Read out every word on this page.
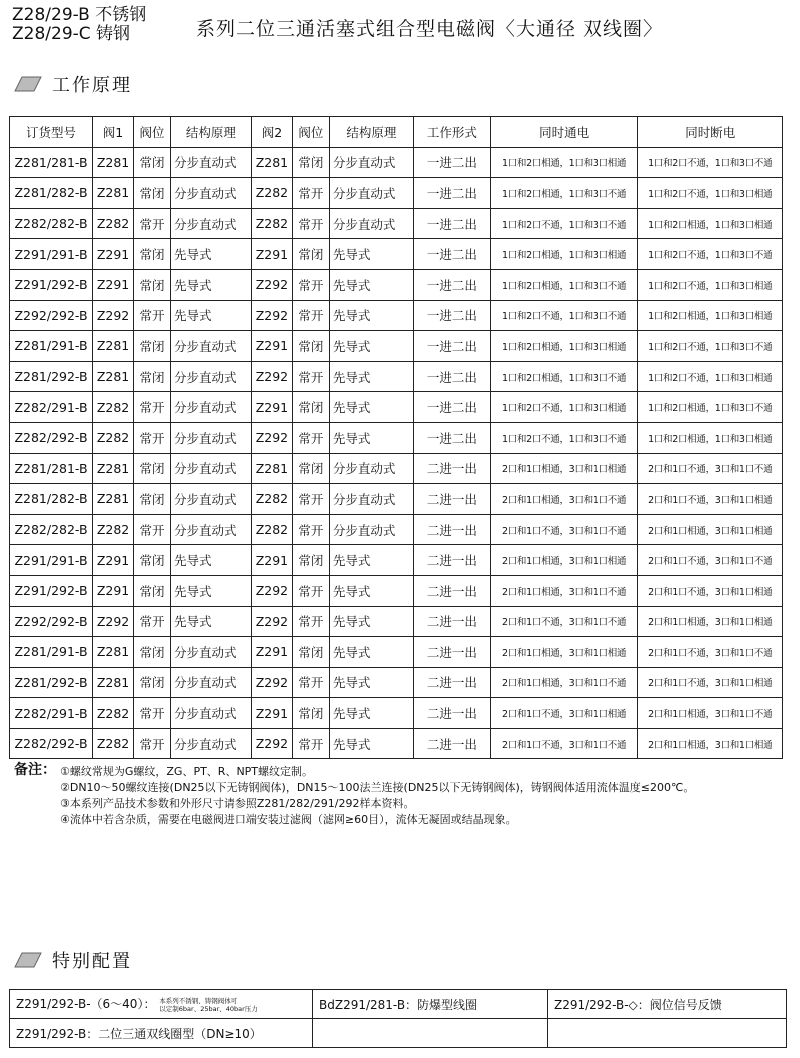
Z28/29-B 不锈钢
Z28/29-C 铸钢	系列二位三通活塞式组合型电磁阀〈大通径 双线圈〉
工作原理
订货型号	阀1	阀位	结构原理	阀2	阀位	结构原理	工作形式	同时通电	同时断电
Z281/281-B	Z281	常闭	分步直动式	Z281	常闭	分步直动式	一进二出	1口和2口相通，1口和3口相通	1口和2口不通，1口和3口不通
Z281/282-B	Z281	常闭	分步直动式	Z282	常开	分步直动式	一进二出	1口和2口相通，1口和3口不通	1口和2口不通，1口和3口相通
Z282/282-B	Z282	常开	分步直动式	Z282	常开	分步直动式	一进二出	1口和2口不通，1口和3口不通	1口和2口相通，1口和3口相通
Z291/291-B	Z291	常闭	先导式	Z291	常闭	先导式	一进二出	1口和2口相通，1口和3口相通	1口和2口不通，1口和3口不通
Z291/292-B	Z291	常闭	先导式	Z292	常开	先导式	一进二出	1口和2口相通，1口和3口不通	1口和2口不通，1口和3口相通
Z292/292-B	Z292	常开	先导式	Z292	常开	先导式	一进二出	1口和2口不通，1口和3口不通	1口和2口相通，1口和3口相通
Z281/291-B	Z281	常闭	分步直动式	Z291	常闭	先导式	一进二出	1口和2口相通，1口和3口相通	1口和2口不通，1口和3口不通
Z281/292-B	Z281	常闭	分步直动式	Z292	常开	先导式	一进二出	1口和2口相通，1口和3口不通	1口和2口不通，1口和3口相通
Z282/291-B	Z282	常开	分步直动式	Z291	常闭	先导式	一进二出	1口和2口不通，1口和3口相通	1口和2口相通，1口和3口不通
Z282/292-B	Z282	常开	分步直动式	Z292	常开	先导式	一进二出	1口和2口不通，1口和3口不通	1口和2口相通，1口和3口相通
Z281/281-B	Z281	常闭	分步直动式	Z281	常闭	分步直动式	二进一出	2口和1口相通，3口和1口相通	2口和1口不通，3口和1口不通
Z281/282-B	Z281	常闭	分步直动式	Z282	常开	分步直动式	二进一出	2口和1口相通，3口和1口不通	2口和1口不通，3口和1口相通
Z282/282-B	Z282	常开	分步直动式	Z282	常开	分步直动式	二进一出	2口和1口不通，3口和1口不通	2口和1口相通，3口和1口相通
Z291/291-B	Z291	常闭	先导式	Z291	常闭	先导式	二进一出	2口和1口相通，3口和1口相通	2口和1口不通，3口和1口不通
Z291/292-B	Z291	常闭	先导式	Z292	常开	先导式	二进一出	2口和1口相通，3口和1口不通	2口和1口不通，3口和1口相通
Z292/292-B	Z292	常开	先导式	Z292	常开	先导式	二进一出	2口和1口不通，3口和1口不通	2口和1口相通，3口和1口相通
Z281/291-B	Z281	常闭	分步直动式	Z291	常闭	先导式	二进一出	2口和1口相通，3口和1口相通	2口和1口不通，3口和1口不通
Z281/292-B	Z281	常闭	分步直动式	Z292	常开	先导式	二进一出	2口和1口相通，3口和1口不通	2口和1口不通，3口和1口相通
Z282/291-B	Z282	常开	分步直动式	Z291	常闭	先导式	二进一出	2口和1口不通，3口和1口相通	2口和1口相通，3口和1口不通
Z282/292-B	Z282	常开	分步直动式	Z292	常开	先导式	二进一出	2口和1口不通，3口和1口不通	2口和1口相通，3口和1口相通
备注： ①螺纹常规为G螺纹，ZG、PT、R、NPT螺纹定制。
②DN10～50螺纹连接(DN25以下无铸钢阀体)，DN15～100法兰连接(DN25以下无铸钢阀体)，铸钢阀体适用流体温度≤200℃。
③本系列产品技术参数和外形尺寸请参照Z281/282/291/292样本资料。
④流体中若含杂质，需要在电磁阀进口端安装过滤阀（滤网≥60目），流体无凝固或结晶现象。
特别配置
Z291/292-B-（6～40）： 本系列不锈钢、铸钢阀体可
以定制6bar、25bar、40bar压力	BdZ291/281-B：防爆型线圈	Z291/292-B-◇：阀位信号反馈
Z291/292-B：二位三通双线圈型（DN≥10）		
